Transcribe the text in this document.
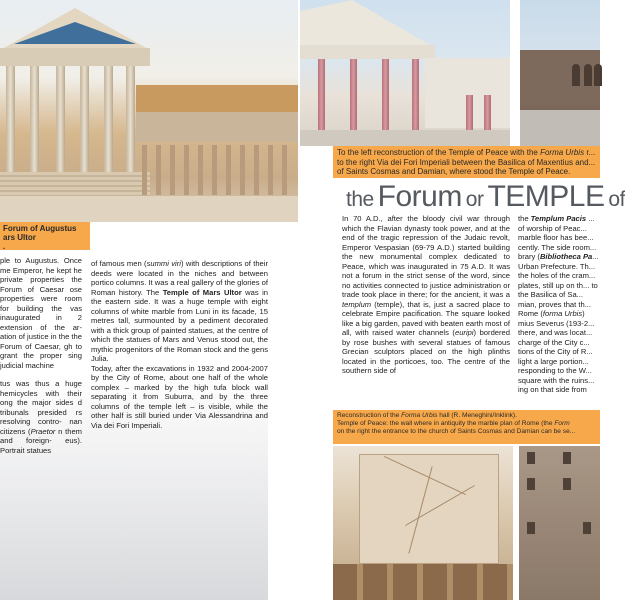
Forum of Augustus
ars Ultor
.
To the left reconstruction of the Temple of Peace with the Forma Urbis r... to the right Via dei Fori Imperiali between the Basilica of Maxentius and... of Saints Cosmas and Damian, where stood the Temple of Peace.
the Forum or TEMPLE of

ple to Augustus. Once me Emperor, he kept he private properties the Forum of Caesar ose properties were room for building the vas inaugurated in 2 extension of the ar- ation of justice in the the Forum of Caesar, gh to grant the proper sing judicial machine

tus was thus a huge hemicycles with their ong the major sides d tribunals presided rs resolving contro- nan citizens (Praetor n them and foreign- eus). Portrait statues

of famous men (summi viri) with descriptions of their deeds were located in the niches and between portico columns. It was a real gallery of the glories of Roman history. The Temple of Mars Ultor was in the eastern side. It was a huge temple with eight columns of white marble from Luni in its facade, 15 metres tall, surmounted by a pediment decorated with a thick group of painted statues, at the centre of which the statues of Mars and Venus stood out, the mythic progenitors of the Roman stock and the gens Julia.

Today, after the excavations in 1932 and 2004-2007 by the City of Rome, about one half of the whole complex – marked by the high tufa block wall separating it from Suburra, and by the three columns of the temple left – is visible, while the other half is still buried under Via Alessandrina and Via dei Fori Imperiali.

In 70 A.D., after the bloody civil war through which the Flavian dynasty took power, and at the end of the tragic repression of the Judaic revolt, Emperor Vespasian (69-79 A.D.) started building the new monumental complex dedicated to Peace, which was inaugurated in 75 A.D. It was not a forum in the strict sense of the word, since no activities connected to justice administration or trade took place in there; for the ancient, it was a templum (temple), that is, just a sacred place to celebrate Empire pacification. The square looked like a big garden, paved with beaten earth most of all, with raised water channels (euripi) bordered by rose bushes with several statues of famous Grecian sculptors placed on the high plinths located in the porticoes, too. The centre of the southern side of

the Templum Pacis ... of worship of Peac... marble floor has bee... cently. The side room... brary (Bibliotheca Pa... Urban Prefecture. Th... the holes of the cram... plates, still up on th... to the Basilica of Sa... mian, proves that th... Rome (forma Urbis) mius Severus (193-2... there, and was locat... charge of the City c... tions of the City of R... light a large portion... responding to the W... square with the ruins... ing on that side from

Reconstruction of the Forma Urbis hall (R. Meneghini/Inklink).
Temple of Peace: the wall where in antiquity the marble plan of Rome (the Form
on the right the entrance to the church of Saints Cosmas and Damian can be se...
